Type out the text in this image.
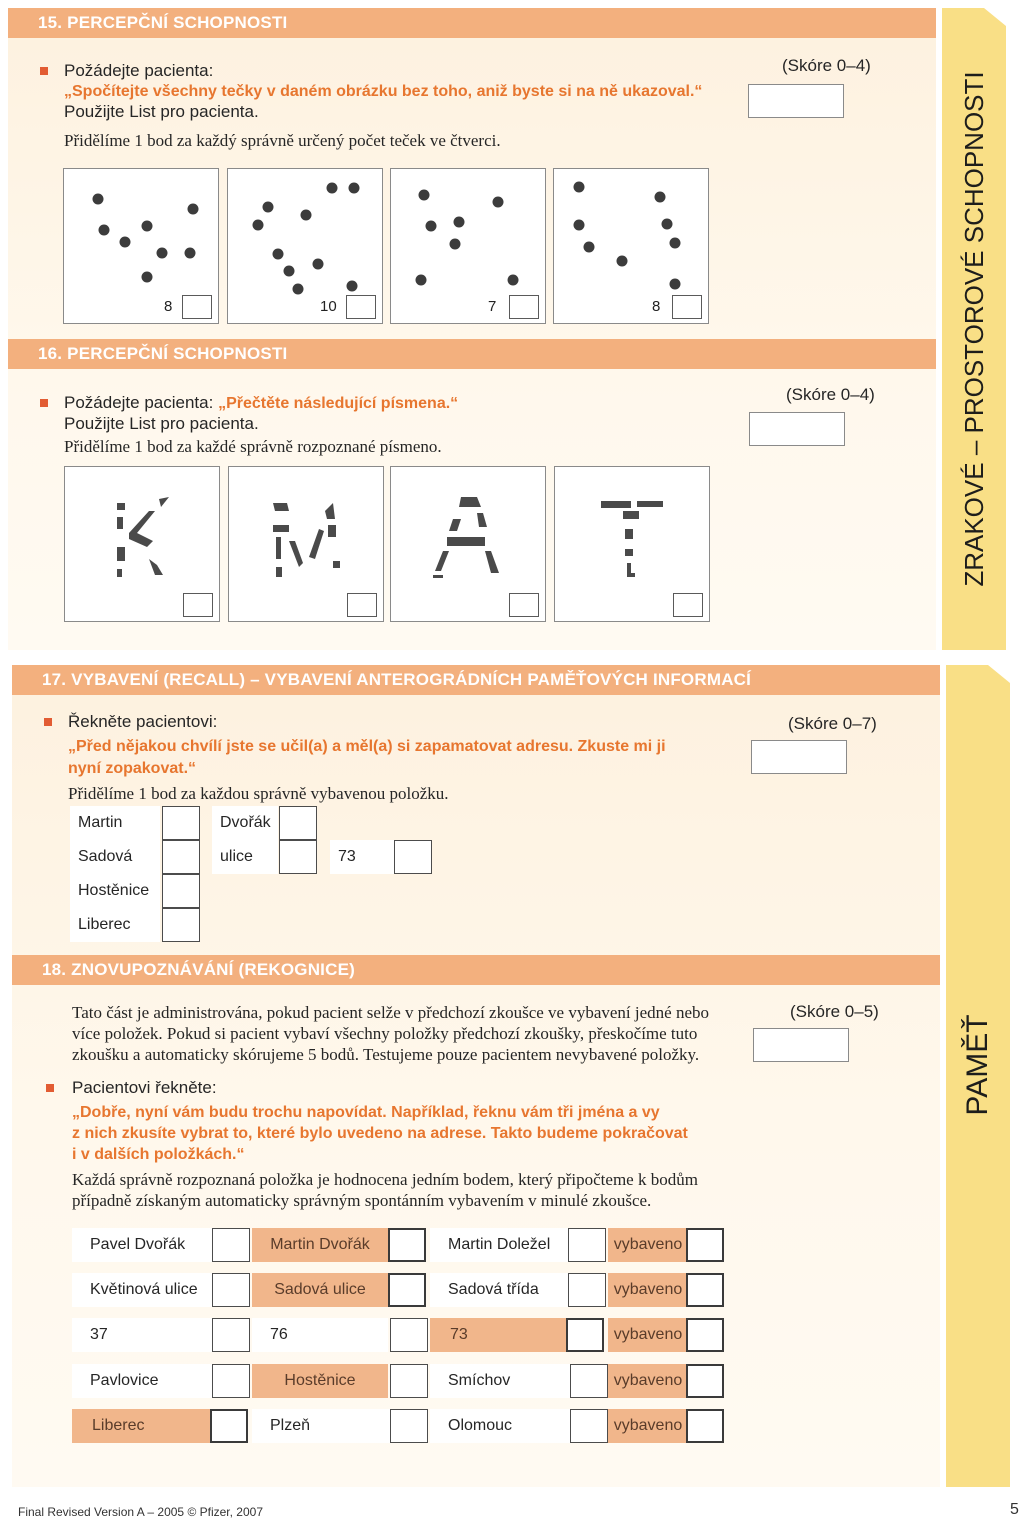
15. PERCEPČNÍ SCHOPNOSTI
Požádejte pacienta:
„Spočítejte všechny tečky v daném obrázku bez toho, aniž byste si na ně ukazoval.“
Použijte List pro pacienta.
Přidělíme 1 bod za každý správně určený počet teček ve čtverci.
(Skóre 0–4)
8	10	7	8
16. PERCEPČNÍ SCHOPNOSTI
Požádejte pacienta: „Přečtěte následující písmena.“
Použijte List pro pacienta.
Přidělíme 1 bod za každé správně rozpoznané písmeno.
(Skóre 0–4)	ZRAKOVÉ – PROSTOROVÉ SCHOPNOSTI
17. VYBAVENÍ (RECALL) – VYBAVENÍ ANTEROGRÁDNÍCH PAMĚŤOVÝCH INFORMACÍ
Řekněte pacientovi:
„Před nějakou chvílí jste se učil(a) a měl(a) si zapamatovat adresu. Zkuste mi ji
nyní zopakovat.“
Přidělíme 1 bod za každou správně vybavenou položku.
(Skóre 0–7)
Martin	Dvořák
Sadová	ulice	73
Hostěnice
Liberec
18. ZNOVUPOZNÁVÁNÍ (REKOGNICE)
Tato část je administrována, pokud pacient selže v předchozí zkoušce ve vybavení jedné nebo
více položek. Pokud si pacient vybaví všechny položky předchozí zkoušky, přeskočíme tuto
zkoušku a automaticky skórujeme 5 bodů. Testujeme pouze pacientem nevybavené položky.
(Skóre 0–5)
Pacientovi řekněte:
„Dobře, nyní vám budu trochu napovídat. Například, řeknu vám tři jména a vy
z nich zkusíte vybrat to, které bylo uvedeno na adrese. Takto budeme pokračovat
i v dalších položkách.“
Každá správně rozpoznaná položka je hodnocena jedním bodem, který připočteme k bodům
případně získaným automaticky správným spontánním vybavením v minulé zkoušce.
Pavel Dvořák	Martin Dvořák	Martin Doležel	vybaveno
Květinová ulice	Sadová ulice	Sadová třída	vybaveno
37	76	73	vybaveno
Pavlovice	Hostěnice	Smíchov	vybaveno
Liberec	Plzeň	Olomouc	vybaveno
PAMĚŤ
Final Revised Version A – 2005 © Pfizer, 2007	5
